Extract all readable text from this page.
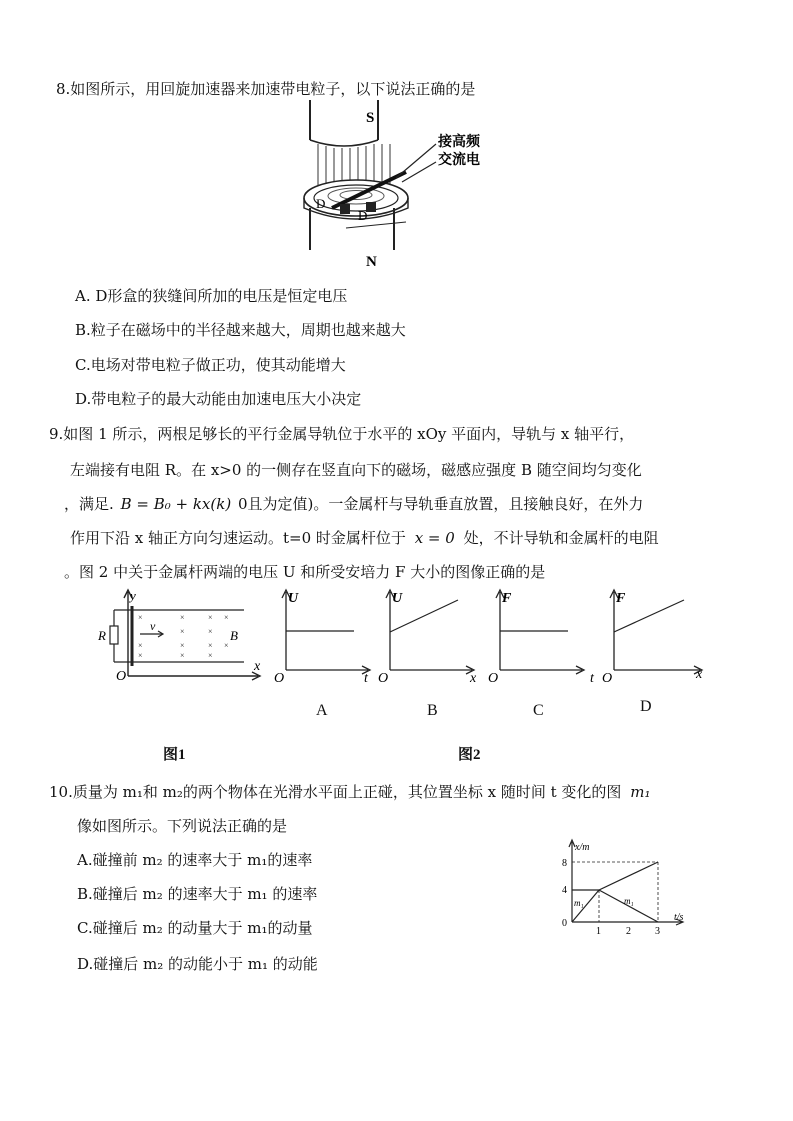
8.如图所示，用回旋加速器来加速带电粒子，以下说法正确的是
S
D
D
N
接高频
交流电
A. D形盒的狭缝间所加的电压是恒定电压
B.粒子在磁场中的半径越来越大，周期也越来越大
C.电场对带电粒子做正功，使其动能增大
D.带电粒子的最大动能由加速电压大小决定
9.如图 1 所示，两根足够长的平行金属导轨位于水平的 xOy 平面内，导轨与 x 轴平行，
左端接有电阻 R。在 x>0 的一侧存在竖直向下的磁场，磁感应强度 B 随空间均匀变化
，满足. B = B₀ + kx(k) 0且为定值)。一金属杆与导轨垂直放置，且接触良好，在外力
作用下沿 x 轴正方向匀速运动。t=0 时金属杆位于 x = 0 处，不计导轨和金属杆的电阻
。图 2 中关于金属杆两端的电压 U 和所受安培力 F 大小的图像正确的是
y
O
x
R
v
B
×	×	× ×
×
×	×
×
×	× ×
×	×
图1
U
t
O
U
x
O
F
t
O
F
x
O
A	B	C	D
图2
10.质量为 m₁和 m₂的两个物体在光滑水平面上正碰，其位置坐标 x 随时间 t 变化的图 m₁
像如图所示。下列说法正确的是
A.碰撞前 m₂ 的速率大于 m₁的速率
B.碰撞后 m₂ 的速率大于 m₁ 的速率
C.碰撞后 m₂ 的动量大于 m₁的动量
D.碰撞后 m₂ 的动能小于 m₁ 的动能
x/m
t/s
8
4
0
1	2 3
m₁	m₁
